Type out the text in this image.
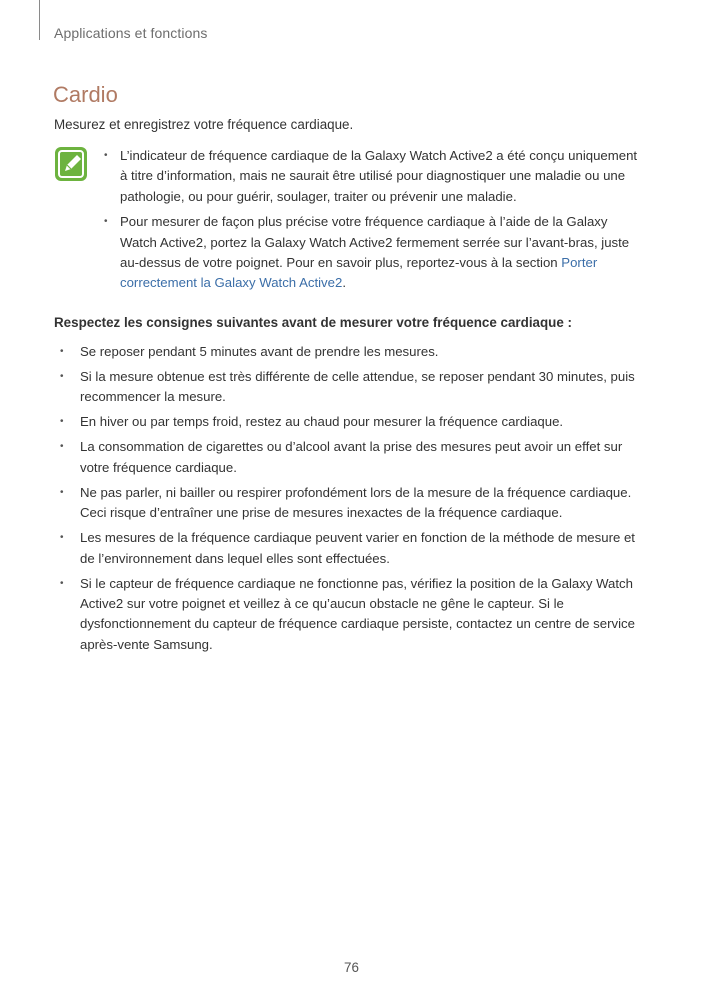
Applications et fonctions
Cardio
Mesurez et enregistrez votre fréquence cardiaque.
• L’indicateur de fréquence cardiaque de la Galaxy Watch Active2 a été conçu uniquement à titre d’information, mais ne saurait être utilisé pour diagnostiquer une maladie ou une pathologie, ou pour guérir, soulager, traiter ou prévenir une maladie.
• Pour mesurer de façon plus précise votre fréquence cardiaque à l’aide de la Galaxy Watch Active2, portez la Galaxy Watch Active2 fermement serrée sur l’avant-bras, juste au-dessus de votre poignet. Pour en savoir plus, reportez-vous à la section Porter correctement la Galaxy Watch Active2.
Respectez les consignes suivantes avant de mesurer votre fréquence cardiaque :
• Se reposer pendant 5 minutes avant de prendre les mesures.
• Si la mesure obtenue est très différente de celle attendue, se reposer pendant 30 minutes, puis recommencer la mesure.
• En hiver ou par temps froid, restez au chaud pour mesurer la fréquence cardiaque.
• La consommation de cigarettes ou d’alcool avant la prise des mesures peut avoir un effet sur votre fréquence cardiaque.
• Ne pas parler, ni bailler ou respirer profondément lors de la mesure de la fréquence cardiaque. Ceci risque d’entraîner une prise de mesures inexactes de la fréquence cardiaque.
• Les mesures de la fréquence cardiaque peuvent varier en fonction de la méthode de mesure et de l’environnement dans lequel elles sont effectuées.
• Si le capteur de fréquence cardiaque ne fonctionne pas, vérifiez la position de la Galaxy Watch Active2 sur votre poignet et veillez à ce qu’aucun obstacle ne gêne le capteur. Si le dysfonctionnement du capteur de fréquence cardiaque persiste, contactez un centre de service après-vente Samsung.
76
